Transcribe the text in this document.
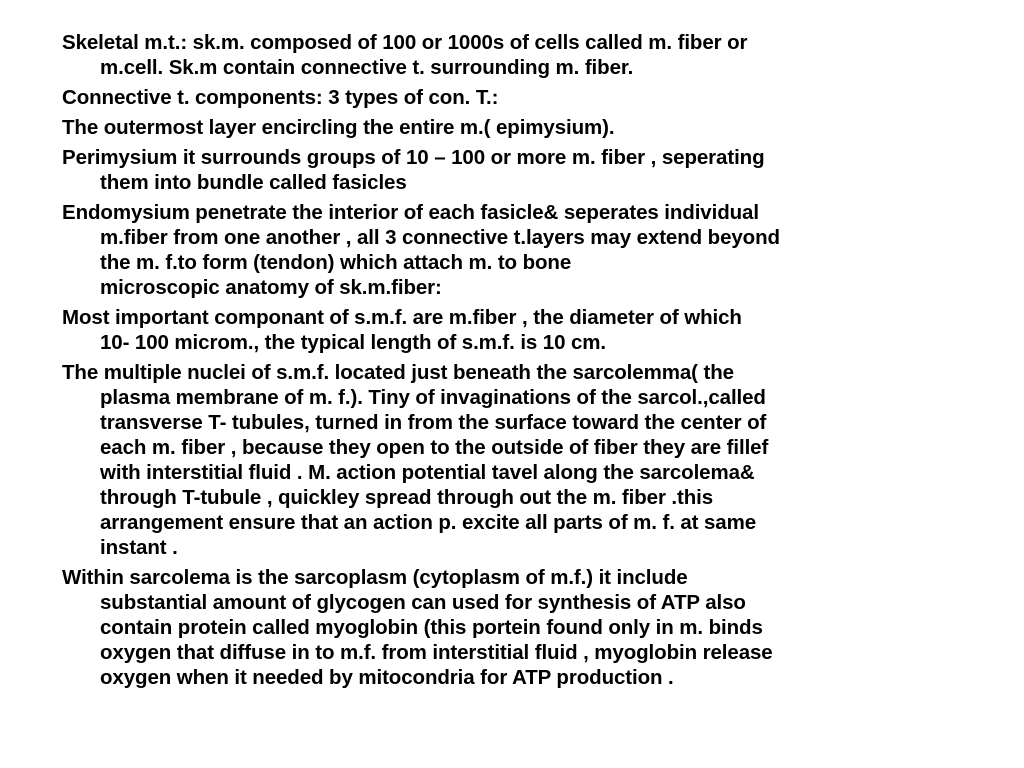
Skeletal m.t.: sk.m. composed of 100 or 1000s of cells called m. fiber or
m.cell. Sk.m contain connective t. surrounding m. fiber.

Connective t. components: 3 types of con. T.:

The outermost layer encircling the entire m.( epimysium).

Perimysium it surrounds groups of 10 – 100 or more m. fiber , seperating
them into bundle called fasicles

Endomysium penetrate the interior of each fasicle& seperates individual
m.fiber from one another , all 3 connective t.layers may extend beyond
the m. f.to form (tendon) which attach m. to bone
microscopic anatomy of sk.m.fiber:

Most important componant of s.m.f. are m.fiber , the diameter of which
10- 100 microm., the typical length of s.m.f. is 10 cm.

The multiple nuclei of s.m.f. located just beneath the sarcolemma( the
plasma membrane of m. f.). Tiny of invaginations of the sarcol.,called
transverse T- tubules, turned in from the surface toward the center of
each m. fiber , because they open to the outside of fiber they are fillef
with interstitial fluid . M. action potential tavel along the sarcolema&
through T-tubule , quickley spread through out the m. fiber .this
arrangement ensure that an action p. excite all parts of m. f. at same
instant .

Within sarcolema is the sarcoplasm (cytoplasm of m.f.) it include
substantial amount of glycogen can used for synthesis of ATP also
contain protein called myoglobin (this portein found only in m. binds
oxygen that diffuse in to m.f. from interstitial fluid , myoglobin release
oxygen when it needed by mitocondria for ATP production .
